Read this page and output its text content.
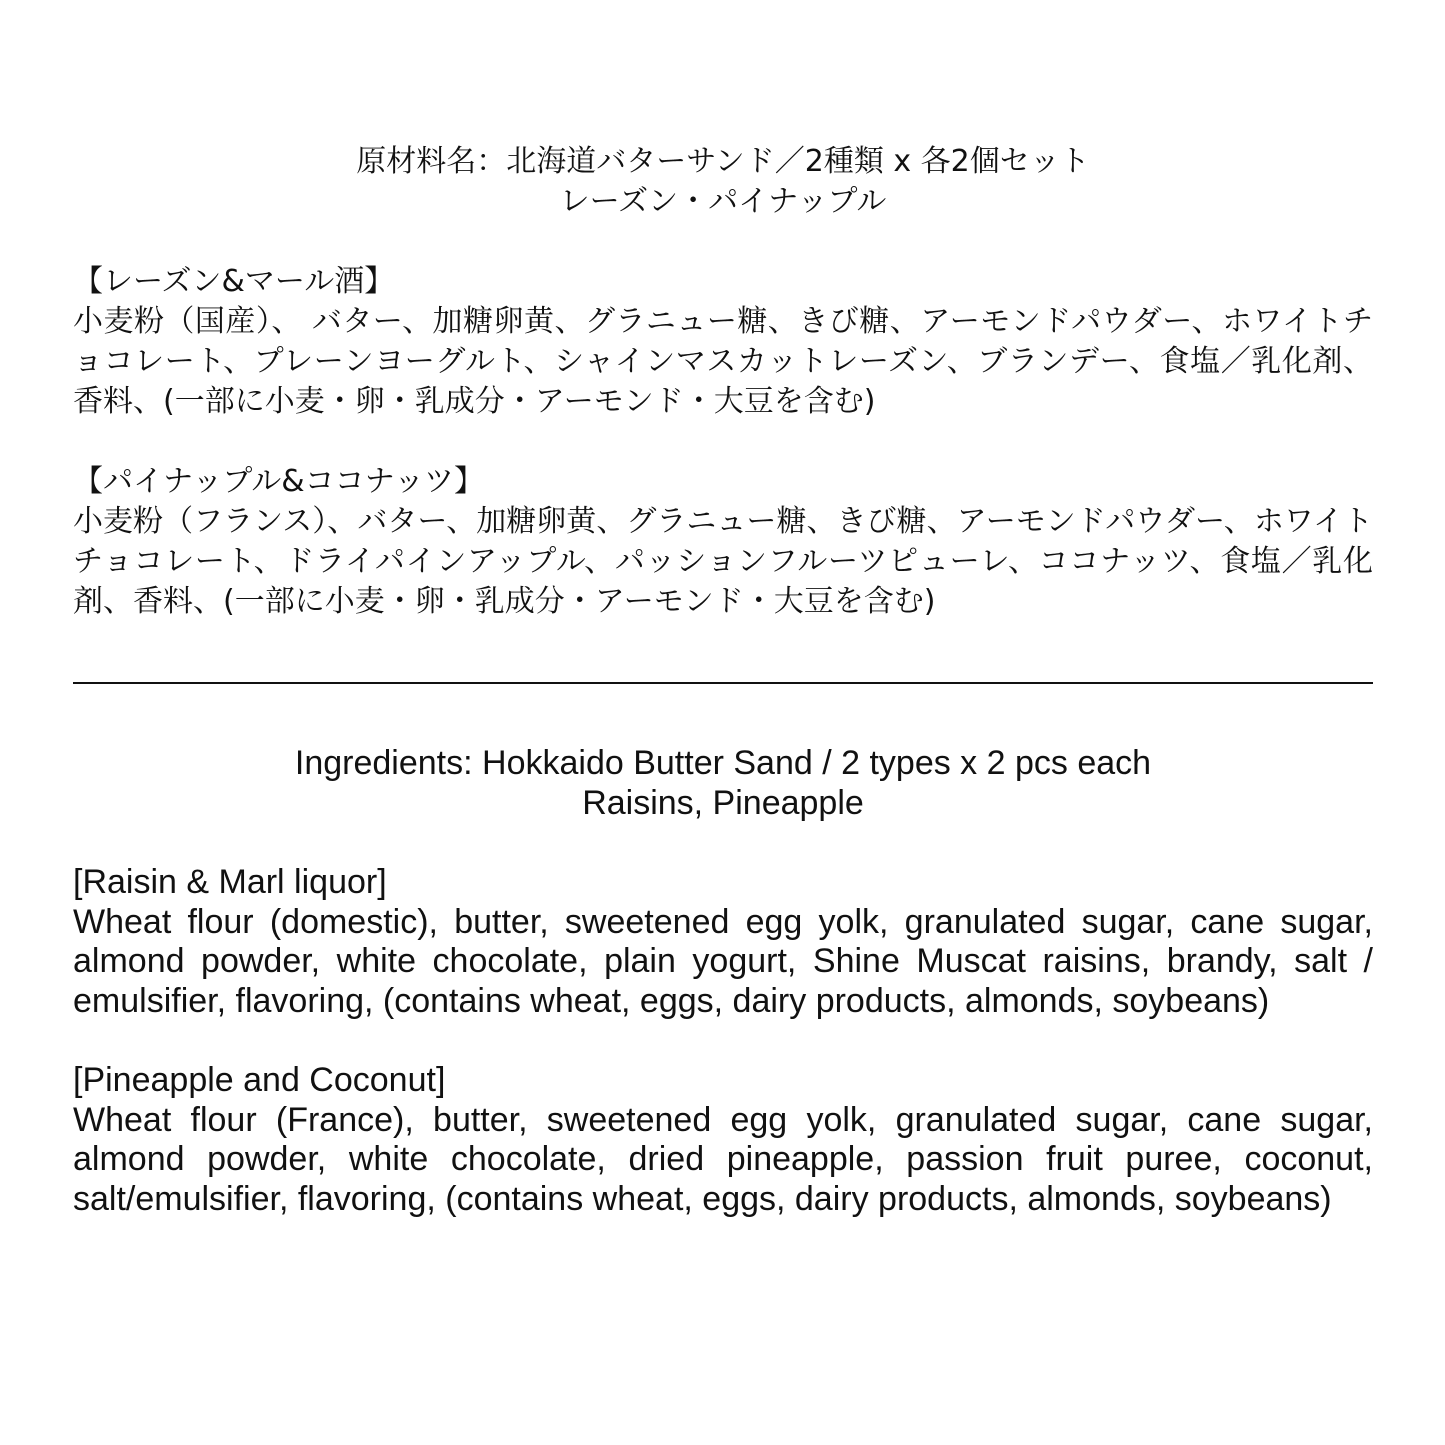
原材料名：北海道バターサンド／2種類 x 各2個セット
レーズン・パイナップル
【レーズン&マール酒】
小麦粉（国産）、 バター、加糖卵黄、グラニュー糖、きび糖、アーモンドパウダー、ホワイトチョコレート、プレーンヨーグルト、シャインマスカットレーズン、ブランデー、食塩／乳化剤、香料、(一部に小麦・卵・乳成分・アーモンド・大豆を含む)
【パイナップル&ココナッツ】
小麦粉（フランス）、バター、加糖卵黄、グラニュー糖、きび糖、アーモンドパウダー、ホワイトチョコレート、ドライパインアップル、パッションフルーツピューレ、ココナッツ、食塩／乳化剤、香料、(一部に小麦・卵・乳成分・アーモンド・大豆を含む)
Ingredients: Hokkaido Butter Sand / 2 types x 2 pcs each
Raisins, Pineapple
[Raisin & Marl liquor]
Wheat flour (domestic), butter, sweetened egg yolk, granulated sugar, cane sugar, almond powder, white chocolate, plain yogurt, Shine Muscat raisins, brandy, salt / emulsifier, flavoring, (contains wheat, eggs, dairy products, almonds, soybeans)
[Pineapple and Coconut]
Wheat flour (France), butter, sweetened egg yolk, granulated sugar, cane sugar, almond powder, white chocolate, dried pineapple, passion fruit puree, coconut, salt/emulsifier, flavoring, (contains wheat, eggs, dairy products, almonds, soybeans)
